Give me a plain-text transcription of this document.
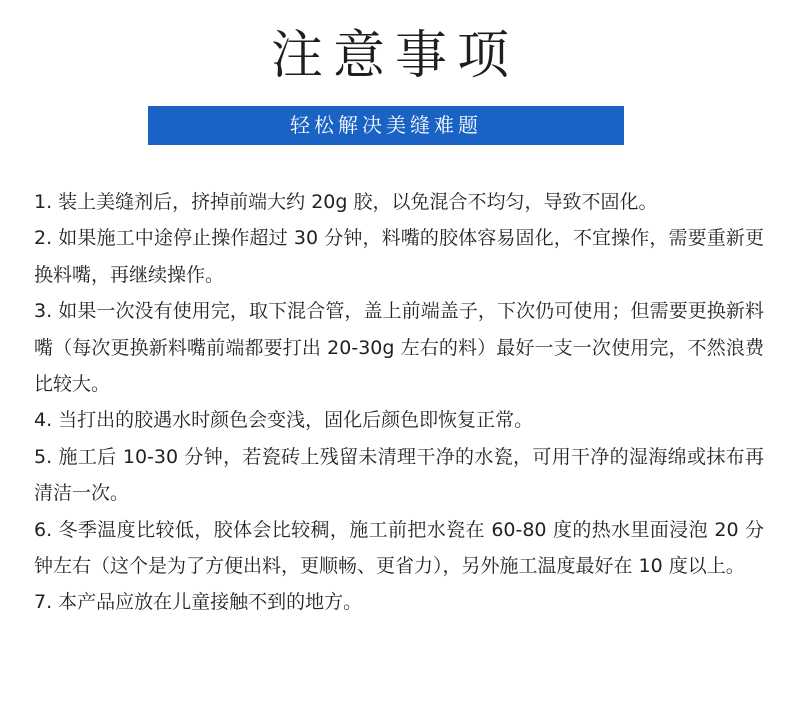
注意事项
轻松解决美缝难题

1. 装上美缝剂后，挤掉前端大约 20g 胶，以免混合不均匀，导致不固化。

2. 如果施工中途停止操作超过 30 分钟，料嘴的胶体容易固化，不宜操作，需要重新更换料嘴，再继续操作。

3. 如果一次没有使用完，取下混合管，盖上前端盖子，下次仍可使用；但需要更换新料嘴（每次更换新料嘴前端都要打出 20-30g 左右的料）最好一支一次使用完，不然浪费比较大。

4. 当打出的胶遇水时颜色会变浅，固化后颜色即恢复正常。

5. 施工后 10-30 分钟，若瓷砖上残留未清理干净的水瓷，可用干净的湿海绵或抹布再清洁一次。

6. 冬季温度比较低，胶体会比较稠，施工前把水瓷在 60-80 度的热水里面浸泡 20 分钟左右（这个是为了方便出料，更顺畅、更省力），另外施工温度最好在 10 度以上。

7. 本产品应放在儿童接触不到的地方。
